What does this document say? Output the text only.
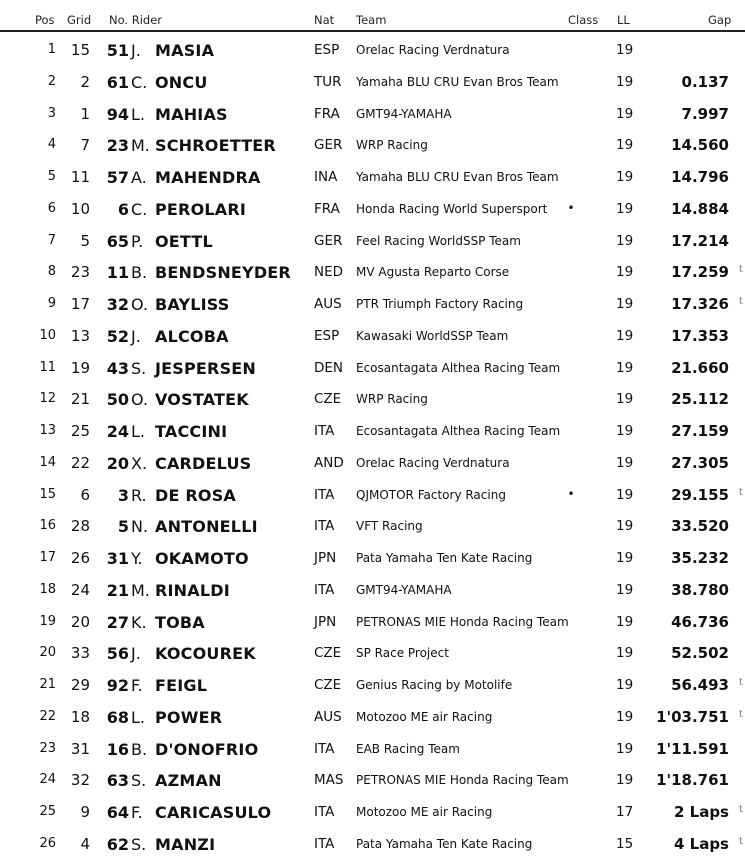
Pos Grid No. Rider	Nat Team	Class LL	Gap
1 15	51 J. MASIA	ESP Orelac Racing Verdnatura	19
2	2	61 C. ONCU	TUR Yamaha BLU CRU Evan Bros Team	19	0.137
3	1	94 L. MAHIAS	FRA GMT94-YAMAHA	19	7.997
4	7	23 M. SCHROETTER	GER WRP Racing	19	14.560
5 11	57 A. MAHENDRA	INA Yamaha BLU CRU Evan Bros Team	19	14.796
6 10	6 C. PEROLARI	FRA Honda Racing World Supersport •	19	14.884
7	5	65 P. OETTL	GER Feel Racing WorldSSP Team	19	17.214
8 23	11 B. BENDSNEYDER NED MV Agusta Reparto Corse	19	17.259 t
9 17	32 O. BAYLISS	AUS PTR Triumph Factory Racing	19	17.326 t
10 13	52 J. ALCOBA	ESP Kawasaki WorldSSP Team	19	17.353
11 19	43 S. JESPERSEN	DEN Ecosantagata Althea Racing Team	19	21.660
12 21	50 O. VOSTATEK	CZE WRP Racing	19	25.112
13 25	24 L. TACCINI	ITA Ecosantagata Althea Racing Team	19	27.159
14 22	20 X. CARDELUS	AND Orelac Racing Verdnatura	19	27.305
15	6	3 R. DE ROSA	ITA QJMOTOR Factory Racing	•	19	29.155 t
16 28	5 N. ANTONELLI	ITA VFT Racing	19	33.520
17 26	31 Y. OKAMOTO	JPN Pata Yamaha Ten Kate Racing	19	35.232
18 24	21 M. RINALDI	ITA GMT94-YAMAHA	19	38.780
19 20	27 K. TOBA	JPN PETRONAS MIE Honda Racing Team	19	46.736
20 33	56 J. KOCOUREK	CZE SP Race Project	19	52.502
21 29	92 F. FEIGL	CZE Genius Racing by Motolife	19	56.493 t
22 18	68 L. POWER	AUS Motozoo ME air Racing	19	1'03.751 t
23 31	16 B. D'ONOFRIO	ITA EAB Racing Team	19	1'11.591
24 32	63 S. AZMAN	MAS PETRONAS MIE Honda Racing Team	19	1'18.761
25	9	64 F. CARICASULO	ITA Motozoo ME air Racing	17	2 Laps t
26	4	62 S. MANZI	ITA Pata Yamaha Ten Kate Racing	15	4 Laps t
